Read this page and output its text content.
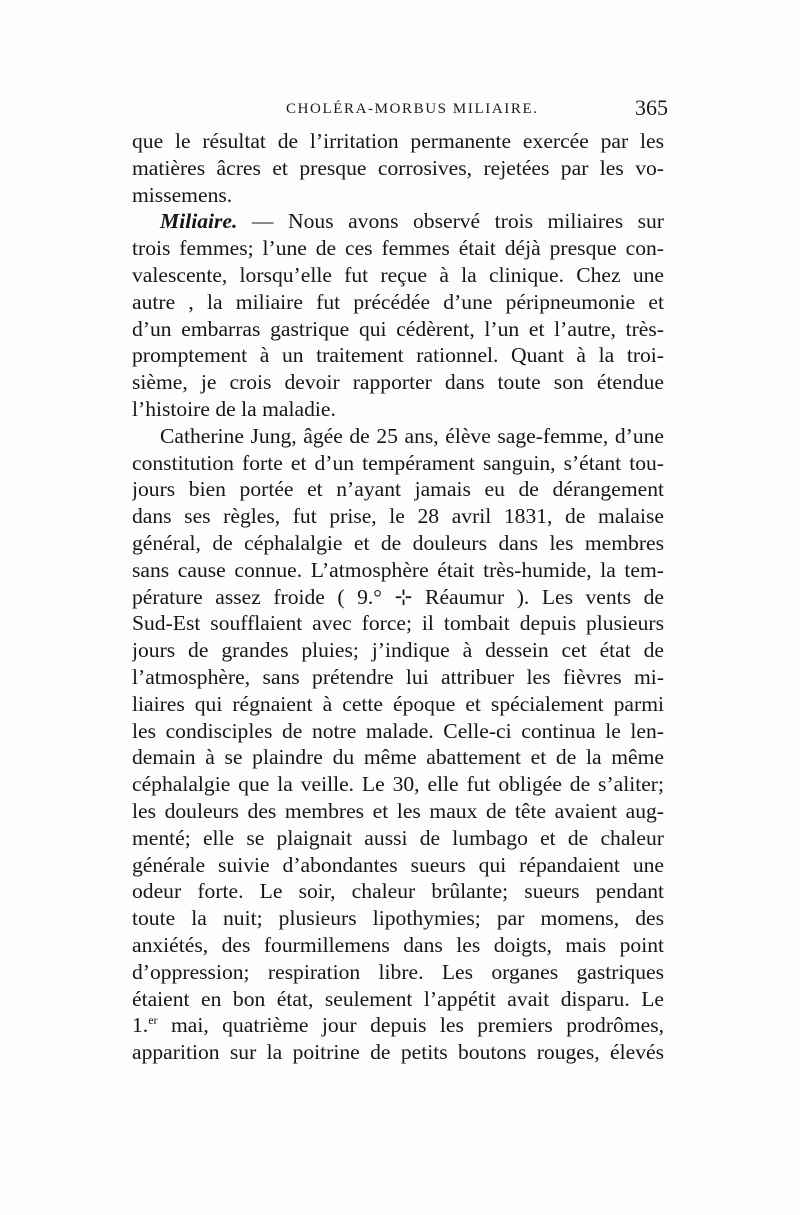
CHOLÉRA-MORBUS MILIAIRE.	365
que le résultat de l’irritation permanente exercée par les
matières âcres et presque corrosives, rejetées par les vo-
missemens.
Miliaire. — Nous avons observé trois miliaires sur
trois femmes; l’une de ces femmes était déjà presque con-
valescente, lorsqu’elle fut reçue à la clinique. Chez une
autre , la miliaire fut précédée d’une péripneumonie et
d’un embarras gastrique qui cédèrent, l’un et l’autre, très-
promptement à un traitement rationnel. Quant à la troi-
sième, je crois devoir rapporter dans toute son étendue
l’histoire de la maladie.
Catherine Jung, âgée de 25 ans, élève sage-femme, d’une
constitution forte et d’un tempérament sanguin, s’étant tou-
jours bien portée et n’ayant jamais eu de dérangement
dans ses règles, fut prise, le 28 avril 1831, de malaise
général, de céphalalgie et de douleurs dans les membres
sans cause connue. L’atmosphère était très-humide, la tem-
pérature assez froide ( 9.° ⊹ Réaumur ). Les vents de
Sud-Est soufflaient avec force; il tombait depuis plusieurs
jours de grandes pluies; j’indique à dessein cet état de
l’atmosphère, sans prétendre lui attribuer les fièvres mi-
liaires qui régnaient à cette époque et spécialement parmi
les condisciples de notre malade. Celle-ci continua le len-
demain à se plaindre du même abattement et de la même
céphalalgie que la veille. Le 30, elle fut obligée de s’aliter;
les douleurs des membres et les maux de tête avaient aug-
menté; elle se plaignait aussi de lumbago et de chaleur
générale suivie d’abondantes sueurs qui répandaient une
odeur forte. Le soir, chaleur brûlante; sueurs pendant
toute la nuit; plusieurs lipothymies; par momens, des
anxiétés, des fourmillemens dans les doigts, mais point
d’oppression; respiration libre. Les organes gastriques
étaient en bon état, seulement l’appétit avait disparu. Le
1.$^{er}$ mai, quatrième jour depuis les premiers prodrômes,
apparition sur la poitrine de petits boutons rouges, élevés
